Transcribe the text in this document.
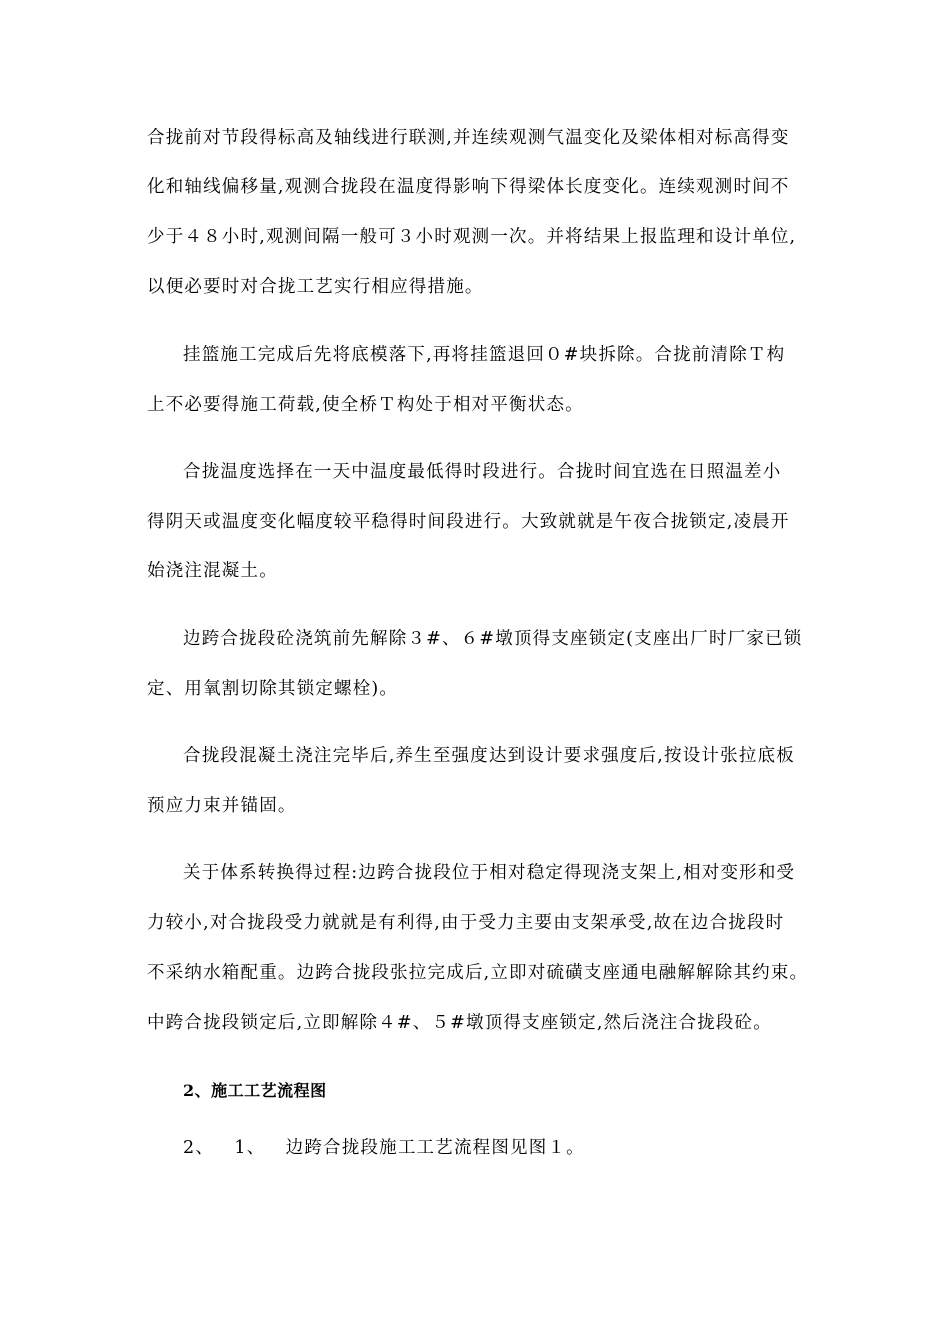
合拢前对节段得标高及轴线进行联测,并连续观测气温变化及梁体相对标高得变
化和轴线偏移量,观测合拢段在温度得影响下得梁体长度变化。连续观测时间不
少于４８小时,观测间隔一般可３小时观测一次。并将结果上报监理和设计单位,
以便必要时对合拢工艺实行相应得措施。
挂篮施工完成后先将底模落下,再将挂篮退回０#块拆除。合拢前清除Ｔ构
上不必要得施工荷载,使全桥Ｔ构处于相对平衡状态。
合拢温度选择在一天中温度最低得时段进行。合拢时间宜选在日照温差小
得阴天或温度变化幅度较平稳得时间段进行。大致就就是午夜合拢锁定,凌晨开
始浇注混凝土。
边跨合拢段砼浇筑前先解除３#、６#墩顶得支座锁定(支座出厂时厂家已锁
定、用氧割切除其锁定螺栓)。
合拢段混凝土浇注完毕后,养生至强度达到设计要求强度后,按设计张拉底板
预应力束并锚固。
关于体系转换得过程:边跨合拢段位于相对稳定得现浇支架上,相对变形和受
力较小,对合拢段受力就就是有利得,由于受力主要由支架承受,故在边合拢段时
不采纳水箱配重。边跨合拢段张拉完成后,立即对硫磺支座通电融解解除其约束。
中跨合拢段锁定后,立即解除４#、５#墩顶得支座锁定,然后浇注合拢段砼。
2、施工工艺流程图
2、   1、   边跨合拢段施工工艺流程图见图１。
